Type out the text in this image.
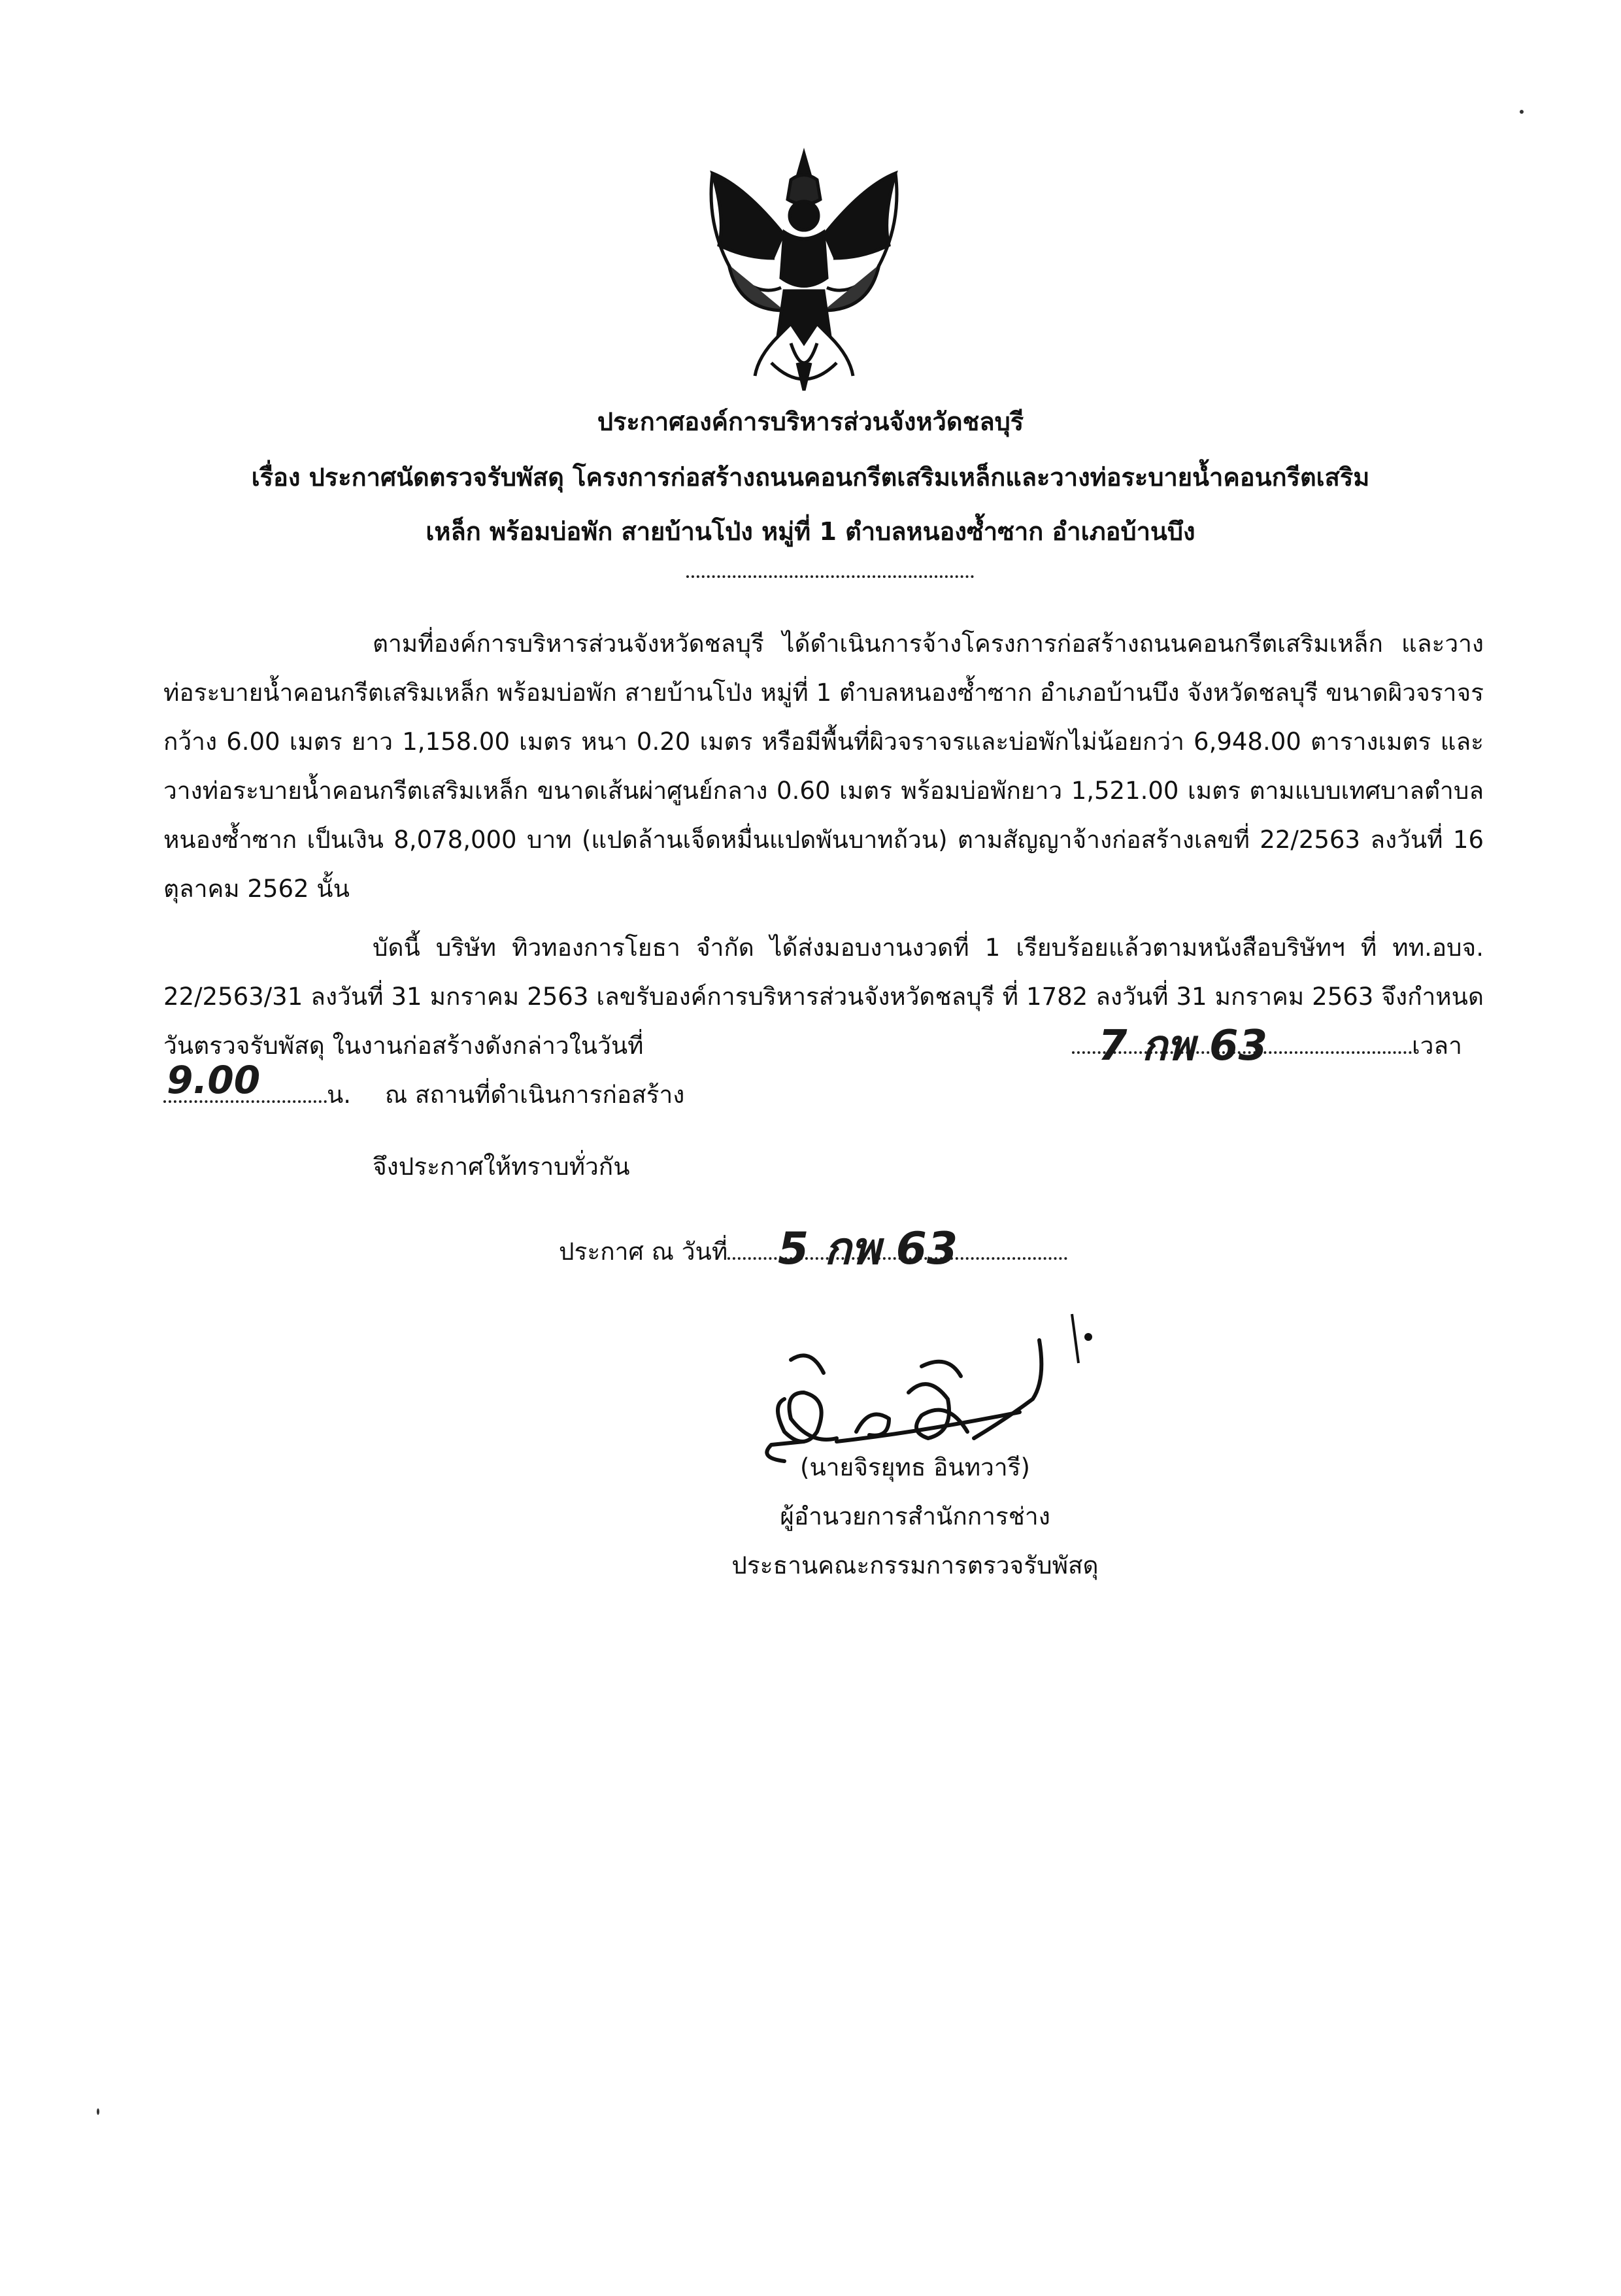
ประกาศองค์การบริหารส่วนจังหวัดชลบุรี
เรื่อง ประกาศนัดตรวจรับพัสดุ โครงการก่อสร้างถนนคอนกรีตเสริมเหล็กและวางท่อระบายน้ำคอนกรีตเสริม
เหล็ก พร้อมบ่อพัก สายบ้านโป่ง หมู่ที่ 1 ตำบลหนองซ้ำซาก อำเภอบ้านบึง

ตามที่องค์การบริหารส่วนจังหวัดชลบุรี ได้ดำเนินการจ้างโครงการก่อสร้างถนนคอนกรีตเสริมเหล็ก และวางท่อระบายน้ำคอนกรีตเสริมเหล็ก พร้อมบ่อพัก สายบ้านโป่ง หมู่ที่ 1 ตำบลหนองซ้ำซาก อำเภอบ้านบึง จังหวัดชลบุรี ขนาดผิวจราจรกว้าง 6.00 เมตร ยาว 1,158.00 เมตร หนา 0.20 เมตร หรือมีพื้นที่ผิวจราจรและบ่อพักไม่น้อยกว่า 6,948.00 ตารางเมตร และวางท่อระบายน้ำคอนกรีตเสริมเหล็ก ขนาดเส้นผ่าศูนย์กลาง 0.60 เมตร พร้อมบ่อพักยาว 1,521.00 เมตร ตามแบบเทศบาลตำบลหนองซ้ำซาก เป็นเงิน 8,078,000 บาท (แปดล้านเจ็ดหมื่นแปดพันบาทถ้วน) ตามสัญญาจ้างก่อสร้างเลขที่ 22/2563 ลงวันที่ 16 ตุลาคม 2562 นั้น

บัดนี้ บริษัท ทิวทองการโยธา จำกัด ได้ส่งมอบงานงวดที่ 1 เรียบร้อยแล้วตามหนังสือบริษัทฯ ที่ ทท.อบจ. 22/2563/31 ลงวันที่ 31 มกราคม 2563 เลขรับองค์การบริหารส่วนจังหวัดชลบุรี ที่ 1782 ลงวันที่ 31 มกราคม 2563 จึงกำหนดวันตรวจรับพัสดุ ในงานก่อสร้างดังกล่าวในวันที่	เวลา
7 กพ 63
น. ณ สถานที่ดำเนินการก่อสร้าง
9.00
จึงประกาศให้ทราบทั่วกัน
ประกาศ ณ วันที่	5 กพ 63
(นายจิรยุทธ อินทวารี)
ผู้อำนวยการสำนักการช่าง
ประธานคณะกรรมการตรวจรับพัสดุ
